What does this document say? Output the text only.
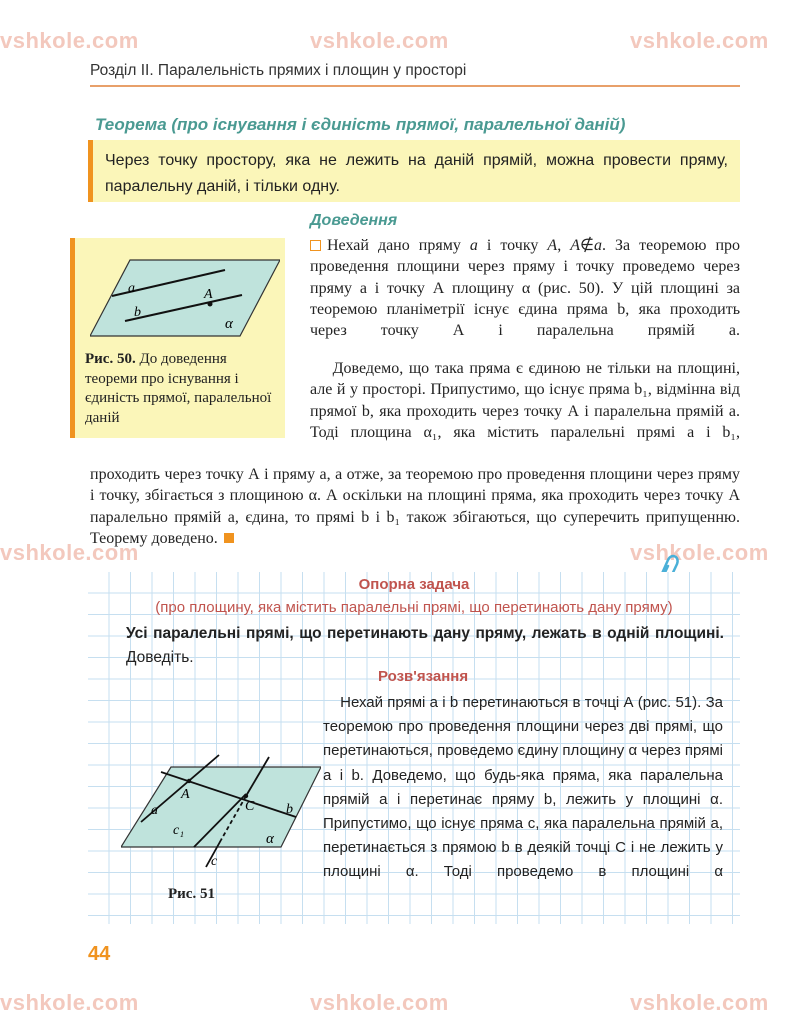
vshkole.com	vshkole.com	vshkole.com
vshkole.com	vshkole.com
vshkole.com	vshkole.com	vshkole.com
Розділ ІІ. Паралельність прямих і площин у просторі
Теорема (про існування і єдиність прямої, паралельної даній)
Через точку простору, яка не лежить на даній прямій, можна провести пряму, паралельну даній, і тільки одну.
Доведення
a
b
A
α
Рис. 50. До доведення теореми про існування і єдиність прямої, паралельної даній
Нехай дано пряму a і точку A, A∉a. За теоремою про проведення площини через пряму і точку проведемо через пряму а і точку А площину α (рис. 50). У цій площині за теоремою планіметрії існує єдина пряма b, яка проходить через точку А і паралельна прямій а.
Доведемо, що така пряма є єдиною не тільки на площині, але й у просторі. Припустимо, що існує пряма b₁, відмінна від прямої b, яка проходить через точку А і паралельна прямій а. Тоді площина α₁, яка містить паралельні прямі а і b₁,
проходить через точку А і пряму а, а отже, за теоремою про проведення площини через пряму і точку, збігається з площиною α. А оскільки на площині пряма, яка проходить через точку А паралельно прямій а, єдина, то прямі b і b₁ також збігаються, що суперечить припущенню. Теорему доведено.
Опорна задача
(про площину, яка містить паралельні прямі, що перетинають дану пряму)
Усі паралельні прямі, що перетинають дану пряму, лежать в одній площині. Доведіть.
Розв'язання
Нехай прямі а і b перетинаються в точці А (рис. 51). За теоремою про проведення площини через дві прямі, що перетинаються, проведемо єдину площину α через прямі а і b. Доведемо, що будь-яка пряма, яка паралельна прямій а і перетинає пряму b, лежить у площині α. Припустимо, що існує пряма с, яка паралельна прямій а, перетинається з прямою b в деякій точці С і не лежить у площині α. Тоді проведемо в площині α
A
a	C b
c₁
c
α
Рис. 51
44
